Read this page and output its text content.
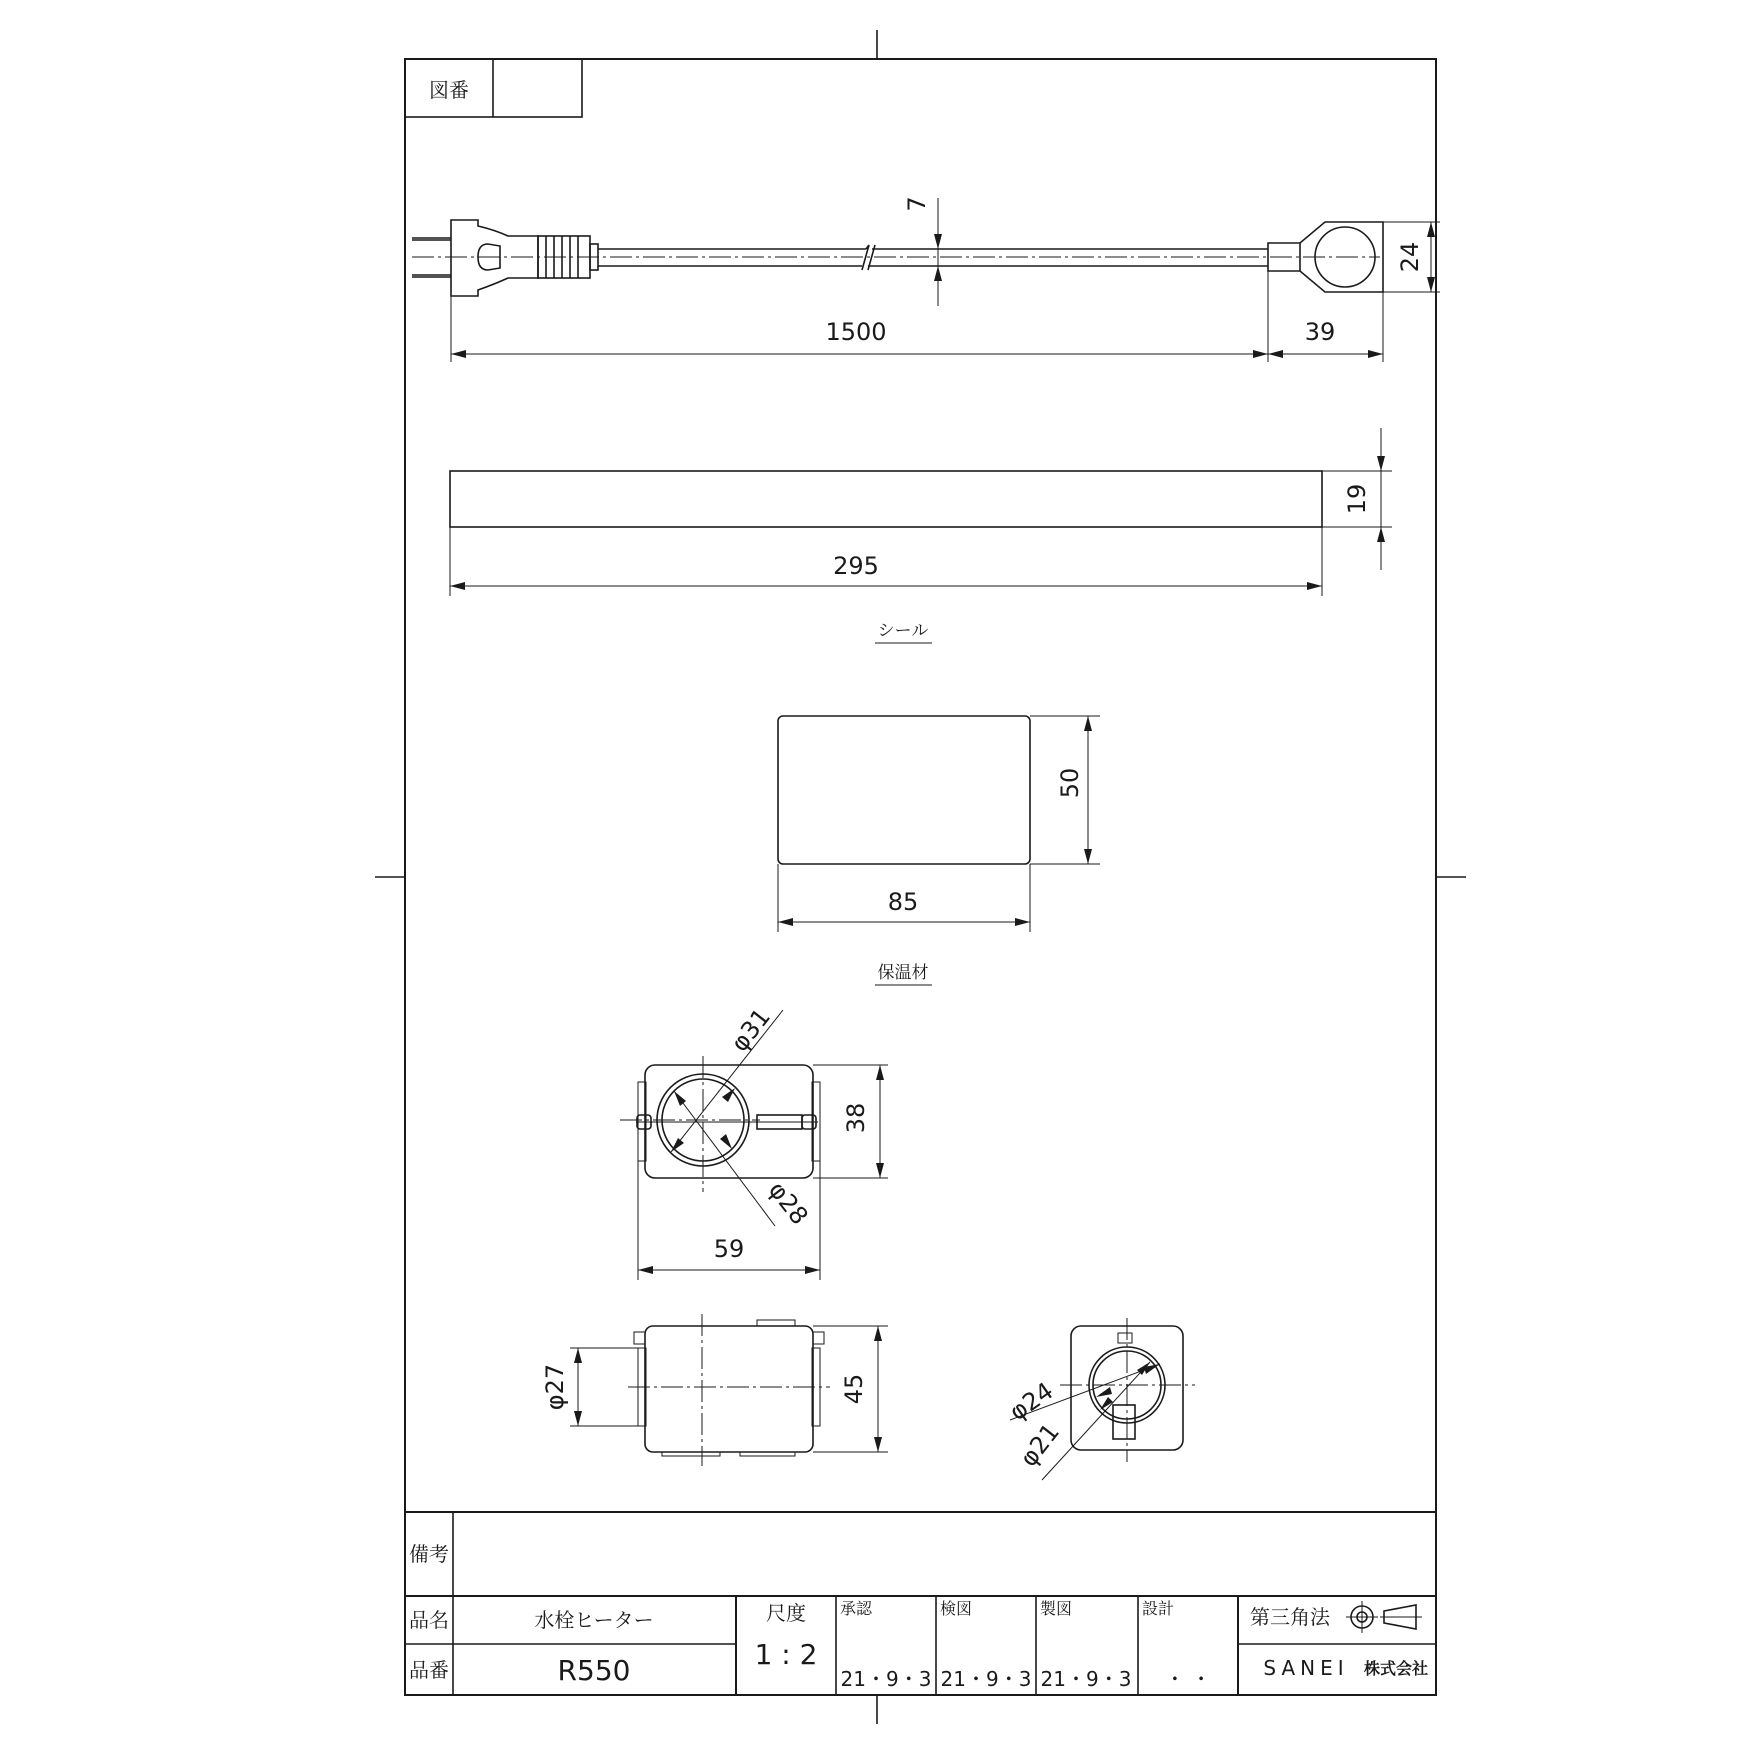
図番
7
24
1500	39
19
295
シール
50
85
保温材
φ31
φ28
38
59
φ27	45	φ24
φ21
備考
品名	水栓ヒーター
品番	R550
尺度
1 : 2
承認
21・9・3
検図
21・9・3
製図
21・9・3
設計
・ ・
第三角法
SANEI 株式会社
